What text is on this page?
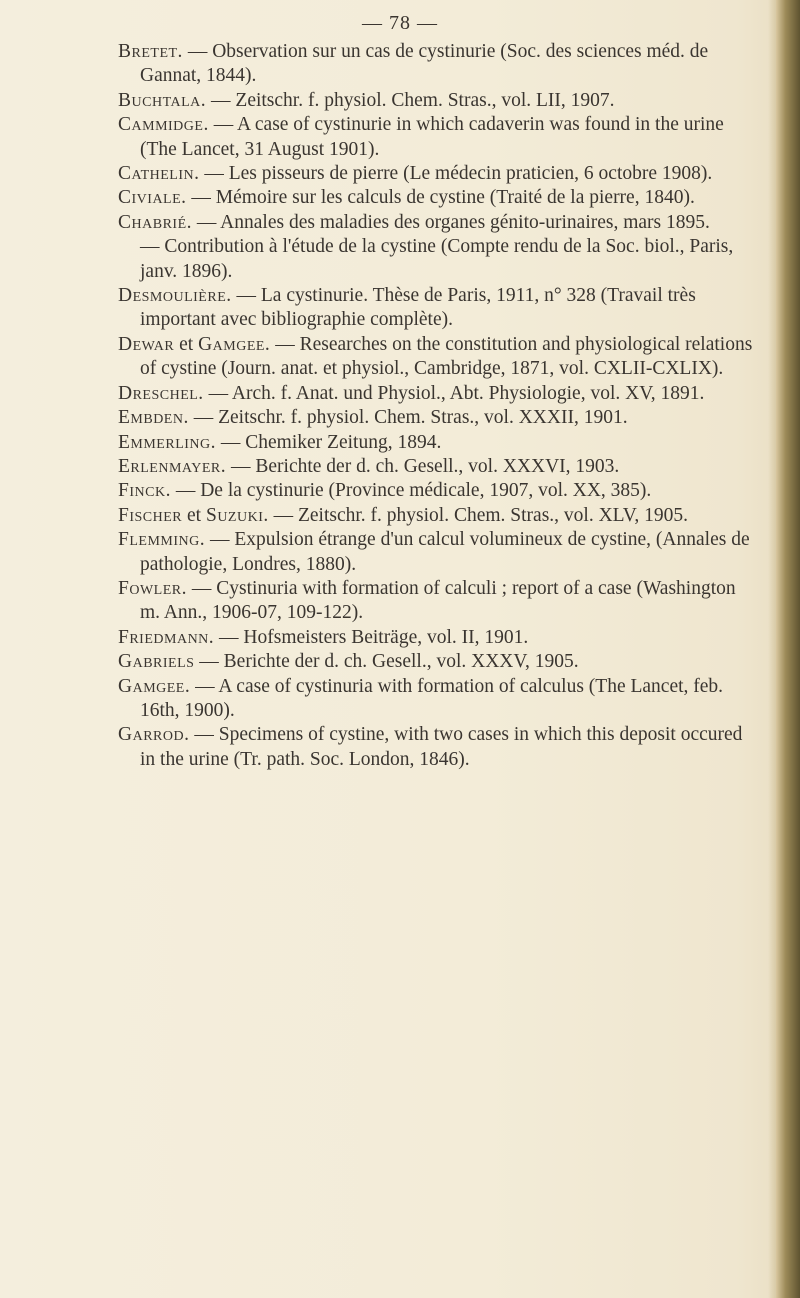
— 78 —
Bretet. — Observation sur un cas de cystinurie (Soc. des sciences méd. de Gannat, 1844).
Buchtala. — Zeitschr. f. physiol. Chem. Stras., vol. LII, 1907.
Cammidge. — A case of cystinurie in which cadaverin was found in the urine (The Lancet, 31 August 1901).
Cathelin. — Les pisseurs de pierre (Le médecin praticien, 6 octobre 1908).
Civiale. — Mémoire sur les calculs de cystine (Traité de la pierre, 1840).
Chabrié. — Annales des maladies des organes génito-urinaires, mars 1895.
— Contribution à l'étude de la cystine (Compte rendu de la Soc. biol., Paris, janv. 1896).
Desmoulière. — La cystinurie. Thèse de Paris, 1911, n° 328 (Travail très important avec bibliographie complète).
Dewar et Gamgee. — Researches on the constitution and physiological relations of cystine (Journ. anat. et physiol., Cambridge, 1871, vol. CXLII-CXLIX).
Dreschel. — Arch. f. Anat. und Physiol., Abt. Physiologie, vol. XV, 1891.
Embden. — Zeitschr. f. physiol. Chem. Stras., vol. XXXII, 1901.
Emmerling. — Chemiker Zeitung, 1894.
Erlenmayer. — Berichte der d. ch. Gesell., vol. XXXVI, 1903.
Finck. — De la cystinurie (Province médicale, 1907, vol. XX, 385).
Fischer et Suzuki. — Zeitschr. f. physiol. Chem. Stras., vol. XLV, 1905.
Flemming. — Expulsion étrange d'un calcul volumineux de cystine, (Annales de pathologie, Londres, 1880).
Fowler. — Cystinuria with formation of calculi ; report of a case (Washington m. Ann., 1906-07, 109-122).
Friedmann. — Hofsmeisters Beiträge, vol. II, 1901.
Gabriels — Berichte der d. ch. Gesell., vol. XXXV, 1905.
Gamgee. — A case of cystinuria with formation of calculus (The Lancet, feb. 16th, 1900).
Garrod. — Specimens of cystine, with two cases in which this deposit occured in the urine (Tr. path. Soc. London, 1846).
